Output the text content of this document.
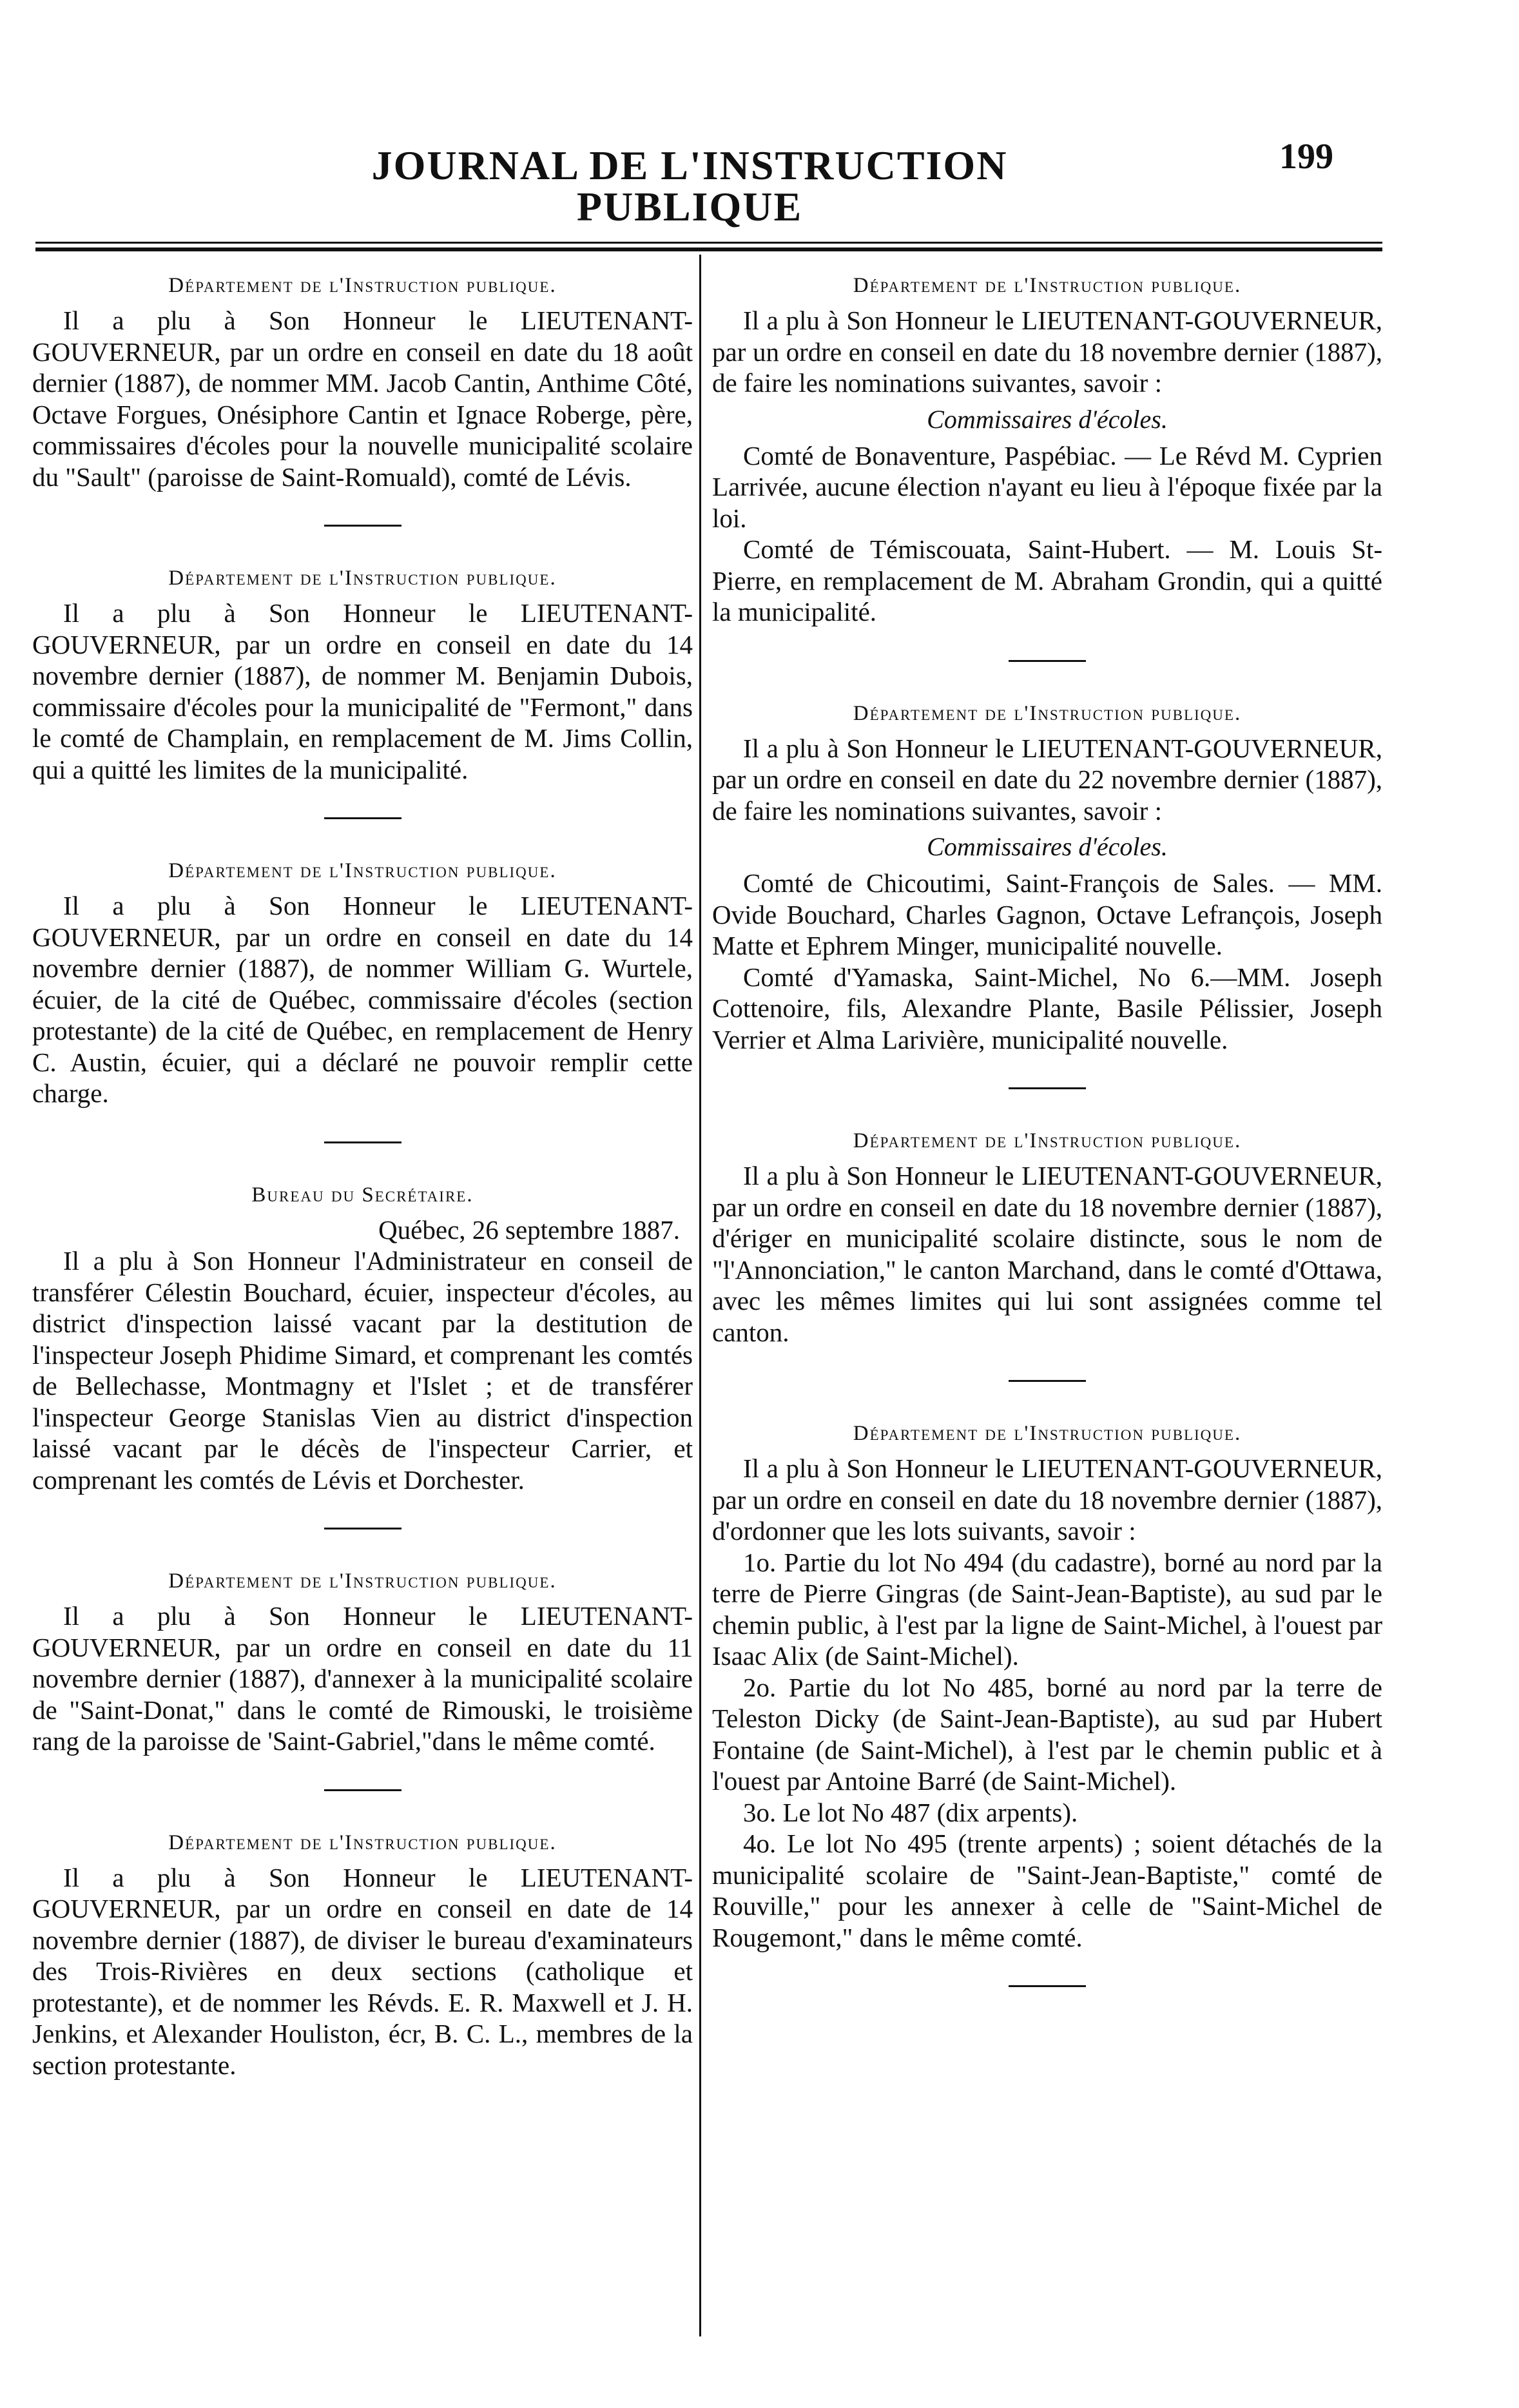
JOURNAL DE L'INSTRUCTION PUBLIQUE
199
Département de l'Instruction publique.

Il a plu à Son Honneur le LIEUTENANT-GOUVERNEUR, par un ordre en conseil en date du 18 août dernier (1887), de nommer MM. Jacob Cantin, Anthime Côté, Octave Forgues, Onésiphore Cantin et Ignace Roberge, père, commissaires d'écoles pour la nouvelle municipalité scolaire du "Sault" (paroisse de Saint-Romuald), comté de Lévis.

Département de l'Instruction publique.

Il a plu à Son Honneur le LIEUTENANT-GOUVERNEUR, par un ordre en conseil en date du 14 novembre dernier (1887), de nommer M. Benjamin Dubois, commissaire d'écoles pour la municipalité de "Fermont," dans le comté de Champlain, en remplacement de M. Jims Collin, qui a quitté les limites de la municipalité.

Département de l'Instruction publique.

Il a plu à Son Honneur le LIEUTENANT-GOUVERNEUR, par un ordre en conseil en date du 14 novembre dernier (1887), de nommer William G. Wurtele, écuier, de la cité de Québec, commissaire d'écoles (section protestante) de la cité de Québec, en remplacement de Henry C. Austin, écuier, qui a déclaré ne pouvoir remplir cette charge.

Bureau du Secrétaire.

Québec, 26 septembre 1887.

Il a plu à Son Honneur l'Administrateur en conseil de transférer Célestin Bouchard, écuier, inspecteur d'écoles, au district d'inspection laissé vacant par la destitution de l'inspecteur Joseph Phidime Simard, et comprenant les comtés de Bellechasse, Montmagny et l'Islet ; et de transférer l'inspecteur George Stanislas Vien au district d'inspection laissé vacant par le décès de l'inspecteur Carrier, et comprenant les comtés de Lévis et Dorchester.

Département de l'Instruction publique.

Il a plu à Son Honneur le LIEUTENANT-GOUVERNEUR, par un ordre en conseil en date du 11 novembre dernier (1887), d'annexer à la municipalité scolaire de "Saint-Donat," dans le comté de Rimouski, le troisième rang de la paroisse de 'Saint-Gabriel,"dans le même comté.

Département de l'Instruction publique.

Il a plu à Son Honneur le LIEUTENANT-GOUVERNEUR, par un ordre en conseil en date de 14 novembre dernier (1887), de diviser le bureau d'examinateurs des Trois-Rivières en deux sections (catholique et protestante), et de nommer les Révds. E. R. Maxwell et J. H. Jenkins, et Alexander Houliston, écr, B. C. L., membres de la section protestante.

Département de l'Instruction publique.

Il a plu à Son Honneur le LIEUTENANT-GOUVERNEUR, par un ordre en conseil en date du 18 novembre dernier (1887), de faire les nominations suivantes, savoir :

Commissaires d'écoles.

Comté de Bonaventure, Paspébiac. — Le Révd M. Cyprien Larrivée, aucune élection n'ayant eu lieu à l'époque fixée par la loi.

Comté de Témiscouata, Saint-Hubert. — M. Louis St-Pierre, en remplacement de M. Abraham Grondin, qui a quitté la municipalité.

Département de l'Instruction publique.

Il a plu à Son Honneur le LIEUTENANT-GOUVERNEUR, par un ordre en conseil en date du 22 novembre dernier (1887), de faire les nominations suivantes, savoir :

Commissaires d'écoles.

Comté de Chicoutimi, Saint-François de Sales. — MM. Ovide Bouchard, Charles Gagnon, Octave Lefrançois, Joseph Matte et Ephrem Minger, municipalité nouvelle.

Comté d'Yamaska, Saint-Michel, No 6.—MM. Joseph Cottenoire, fils, Alexandre Plante, Basile Pélissier, Joseph Verrier et Alma Larivière, municipalité nouvelle.

Département de l'Instruction publique.

Il a plu à Son Honneur le LIEUTENANT-GOUVERNEUR, par un ordre en conseil en date du 18 novembre dernier (1887), d'ériger en municipalité scolaire distincte, sous le nom de "l'Annonciation," le canton Marchand, dans le comté d'Ottawa, avec les mêmes limites qui lui sont assignées comme tel canton.

Département de l'Instruction publique.

Il a plu à Son Honneur le LIEUTENANT-GOUVERNEUR, par un ordre en conseil en date du 18 novembre dernier (1887), d'ordonner que les lots suivants, savoir :

1o. Partie du lot No 494 (du cadastre), borné au nord par la terre de Pierre Gingras (de Saint-Jean-Baptiste), au sud par le chemin public, à l'est par la ligne de Saint-Michel, à l'ouest par Isaac Alix (de Saint-Michel).

2o. Partie du lot No 485, borné au nord par la terre de Teleston Dicky (de Saint-Jean-Baptiste), au sud par Hubert Fontaine (de Saint-Michel), à l'est par le chemin public et à l'ouest par Antoine Barré (de Saint-Michel).

3o. Le lot No 487 (dix arpents).

4o. Le lot No 495 (trente arpents) ; soient détachés de la municipalité scolaire de "Saint-Jean-Baptiste," comté de Rouville," pour les annexer à celle de "Saint-Michel de Rougemont," dans le même comté.
